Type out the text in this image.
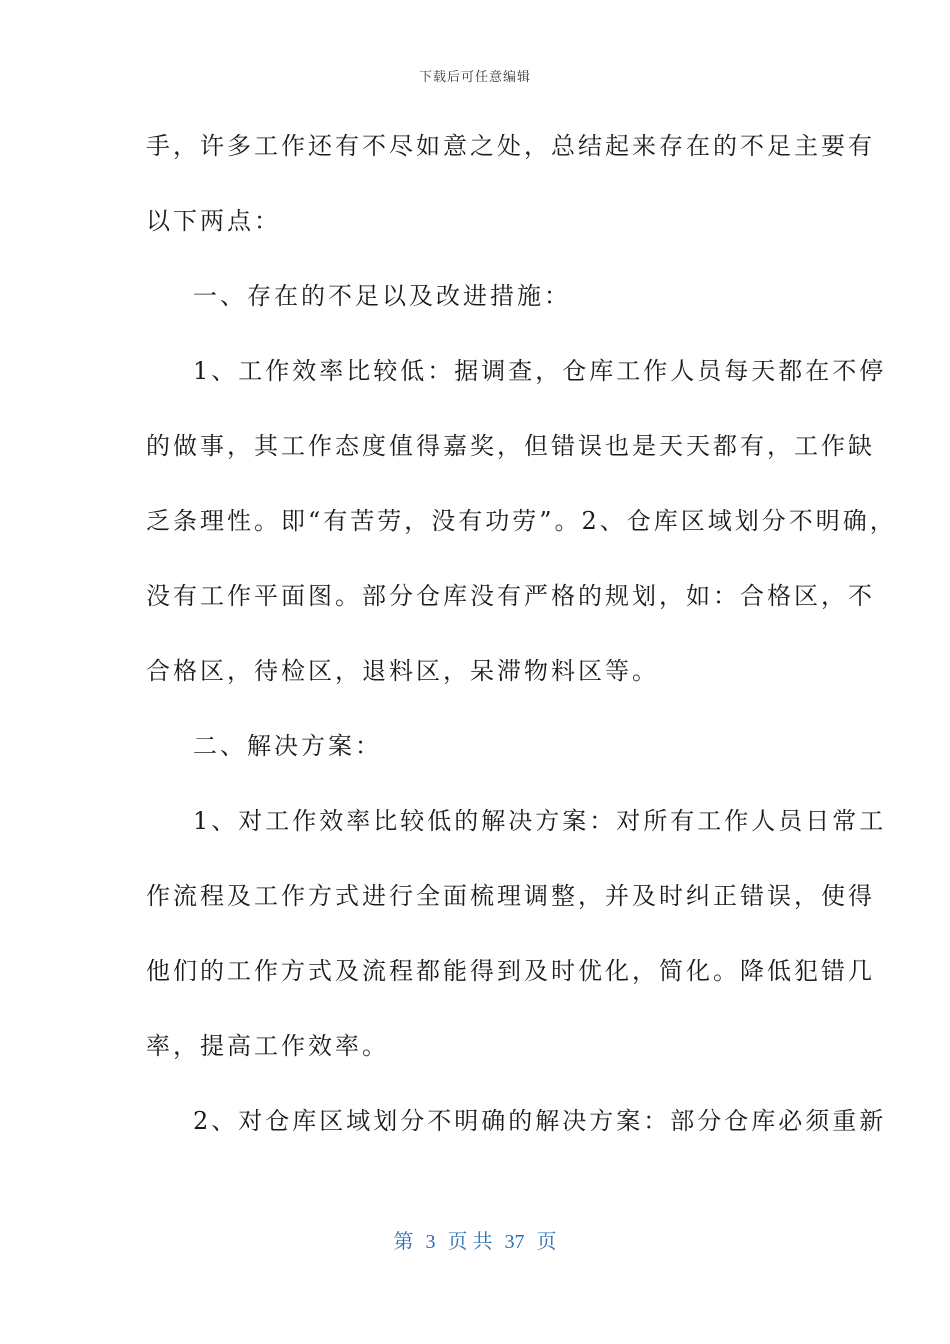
下载后可任意编辑
手，许多工作还有不尽如意之处，总结起来存在的不足主要有
以下两点：
一、存在的不足以及改进措施：
1、工作效率比较低：据调查，仓库工作人员每天都在不停
的做事，其工作态度值得嘉奖，但错误也是天天都有，工作缺
乏条理性。即“有苦劳，没有功劳”。2、仓库区域划分不明确，
没有工作平面图。部分仓库没有严格的规划，如：合格区，不
合格区，待检区，退料区，呆滞物料区等。
二、解决方案：
1、对工作效率比较低的解决方案：对所有工作人员日常工
作流程及工作方式进行全面梳理调整，并及时纠正错误，使得
他们的工作方式及流程都能得到及时优化，简化。降低犯错几
率，提高工作效率。
2、对仓库区域划分不明确的解决方案：部分仓库必须重新
第 3 页 共 37 页
